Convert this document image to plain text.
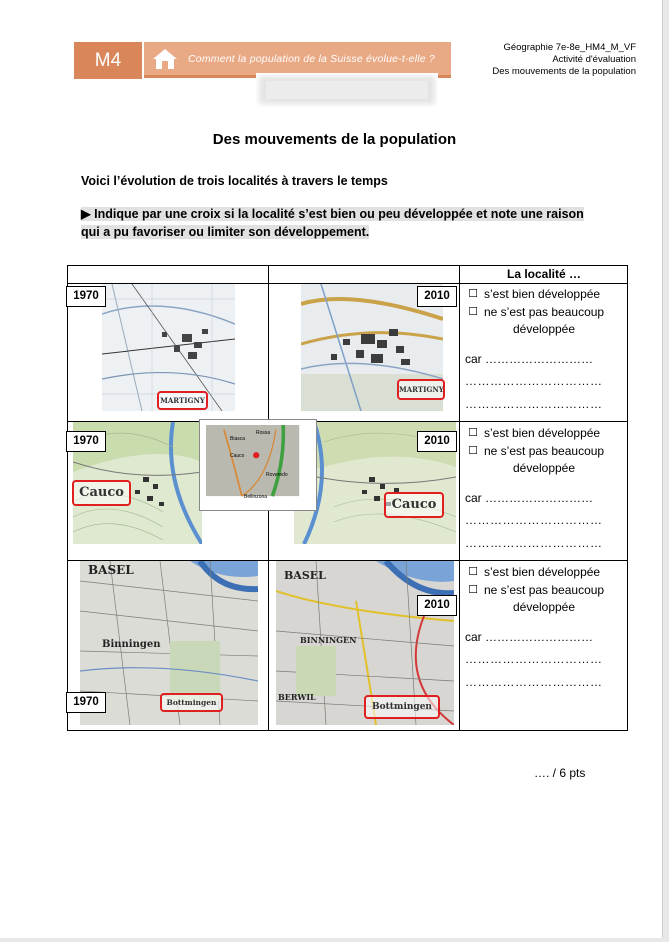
M4	Comment la population de la Suisse évolue-t-elle ?
Géographie 7e-8e_HM4_M_VF
Activité d'évaluation
Des mouvements de la population
Des mouvements de la population
Voici l’évolution de trois localités à travers le temps
▶ Indique par une croix si la localité s’est bien ou peu développée et note une raison qui a pu favoriser ou limiter son développement.
La localité …
MARTIGNY
1970
MARTIGNY
2010	☐ s’est bien développée
☐ ne s’est pas beaucoup
développée
car ………………………
……………………………
……………………………
Cauco
1970
Cauco
2010
Biasca
Rossa
Cauco
Roveredo
Bellinzona
☐ s’est bien développée
☐ ne s’est pas beaucoup
développée
car ………………………
……………………………
……………………………
BASEL
Binningen
Bottmingen
1970
BASEL
BINNINGEN
BERWIL
Bottmingen
2010
☐ s’est bien développée
☐ ne s’est pas beaucoup
développée
car ………………………
……………………………
……………………………
…. / 6 pts
